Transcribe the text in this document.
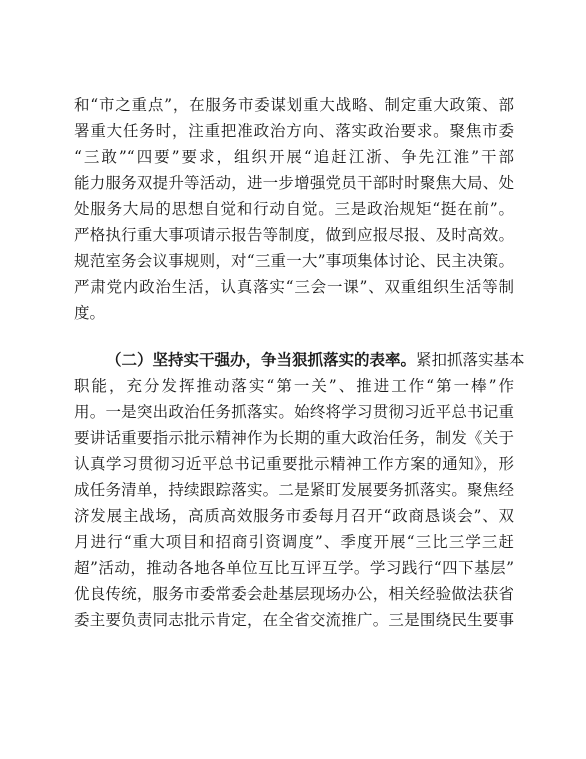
和“市之重点”，在服务市委谋划重大战略、制定重大政策、部
署重大任务时，注重把准政治方向、落实政治要求。聚焦市委
“三敢”“四要”要求，组织开展“追赶江浙、争先江淮”干部
能力服务双提升等活动，进一步增强党员干部时时聚焦大局、处
处服务大局的思想自觉和行动自觉。三是政治规矩“挺在前”。
严格执行重大事项请示报告等制度，做到应报尽报、及时高效。
规范室务会议事规则，对“三重一大”事项集体讨论、民主决策。
严肃党内政治生活，认真落实“三会一课”、双重组织生活等制
度。
（二）坚持实干强办，争当狠抓落实的表率。紧扣抓落实基本
职能，充分发挥推动落实“第一关”、推进工作“第一棒”作
用。一是突出政治任务抓落实。始终将学习贯彻习近平总书记重
要讲话重要指示批示精神作为长期的重大政治任务，制发《关于
认真学习贯彻习近平总书记重要批示精神工作方案的通知》，形
成任务清单，持续跟踪落实。二是紧盯发展要务抓落实。聚焦经
济发展主战场，高质高效服务市委每月召开“政商恳谈会”、双
月进行“重大项目和招商引资调度”、季度开展“三比三学三赶
超”活动，推动各地各单位互比互评互学。学习践行“四下基层”
优良传统，服务市委常委会赴基层现场办公，相关经验做法获省
委主要负责同志批示肯定，在全省交流推广。三是围绕民生要事
